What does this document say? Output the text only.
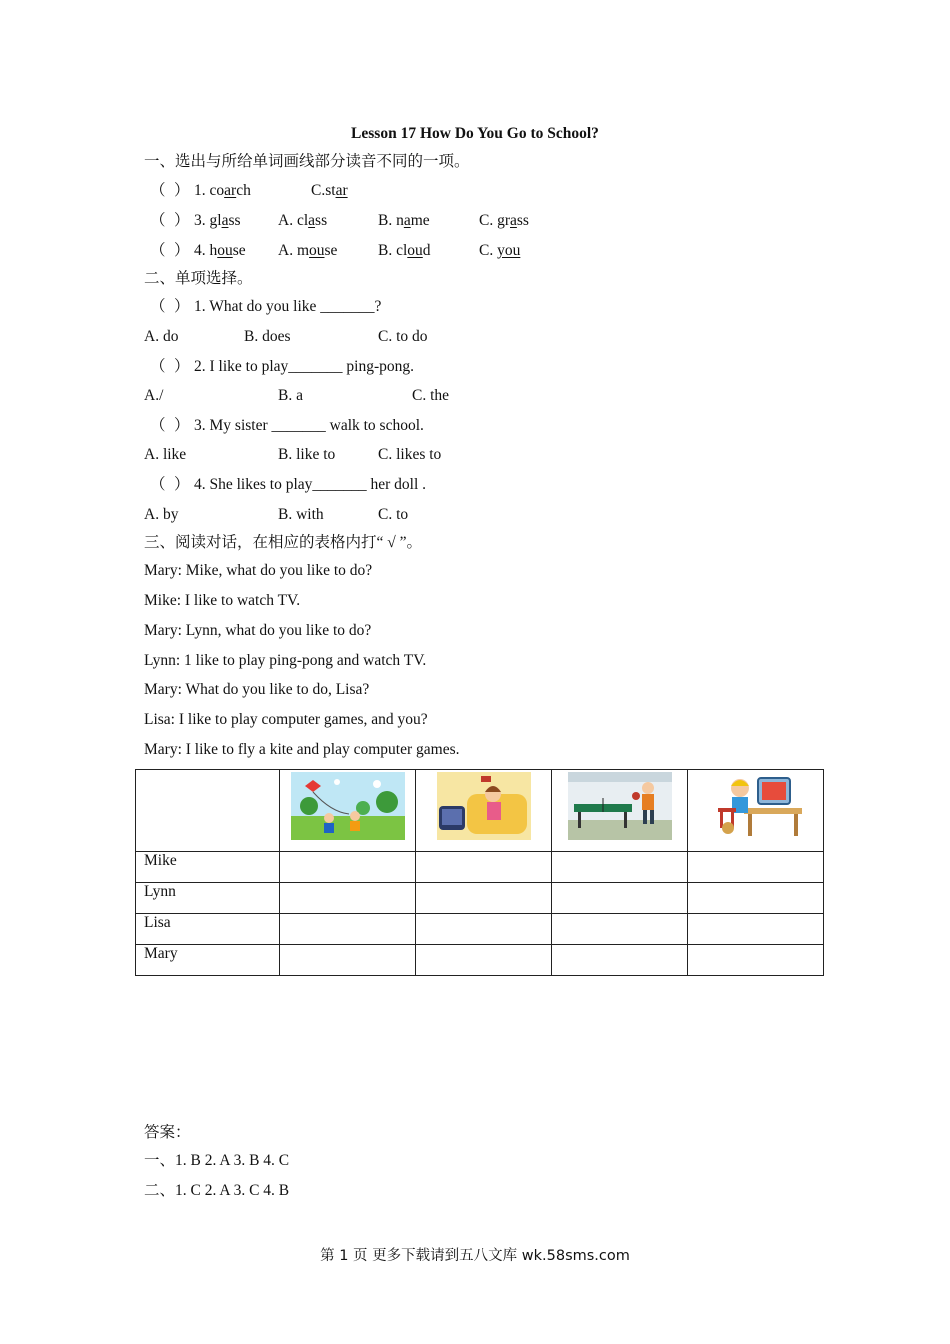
Lesson 17 How Do You Go to School?
一、选出与所给单词画线部分读音不同的一项。
（ ） 1. coarch	C.star
（ ） 3. glass A. class	B. name	C. grass
（ ） 4. house A. mouse	B. cloud	C. you
二、单项选择。
（ ） 1. What do you like _______?
A. do	B. does	C. to do
（ ） 2. I like to play_______ ping-pong.
A./	B. a	C. the
（ ） 3. My sister _______ walk to school.
A. like	B. like to	C. likes to
（ ） 4. She likes to play_______ her doll .
A. by	B. with	C. to
三、阅读对话，在相应的表格内打“ √ ”。
Mary: Mike, what do you like to do?
Mike: I like to watch TV.
Mary: Lynn, what do you like to do?
Lynn: 1 like to play ping-pong and watch TV.
Mary: What do you like to do, Lisa?
Lisa: I like to play computer games, and you?
Mary: I like to fly a kite and play computer games.

Mike				
Lynn				
Lisa				
Mary				
答案：
一、1. B 2. A 3. B 4. C
二、1. C 2. A 3. C 4. B
第 1 页 更多下载请到五八文库 wk.58sms.com
